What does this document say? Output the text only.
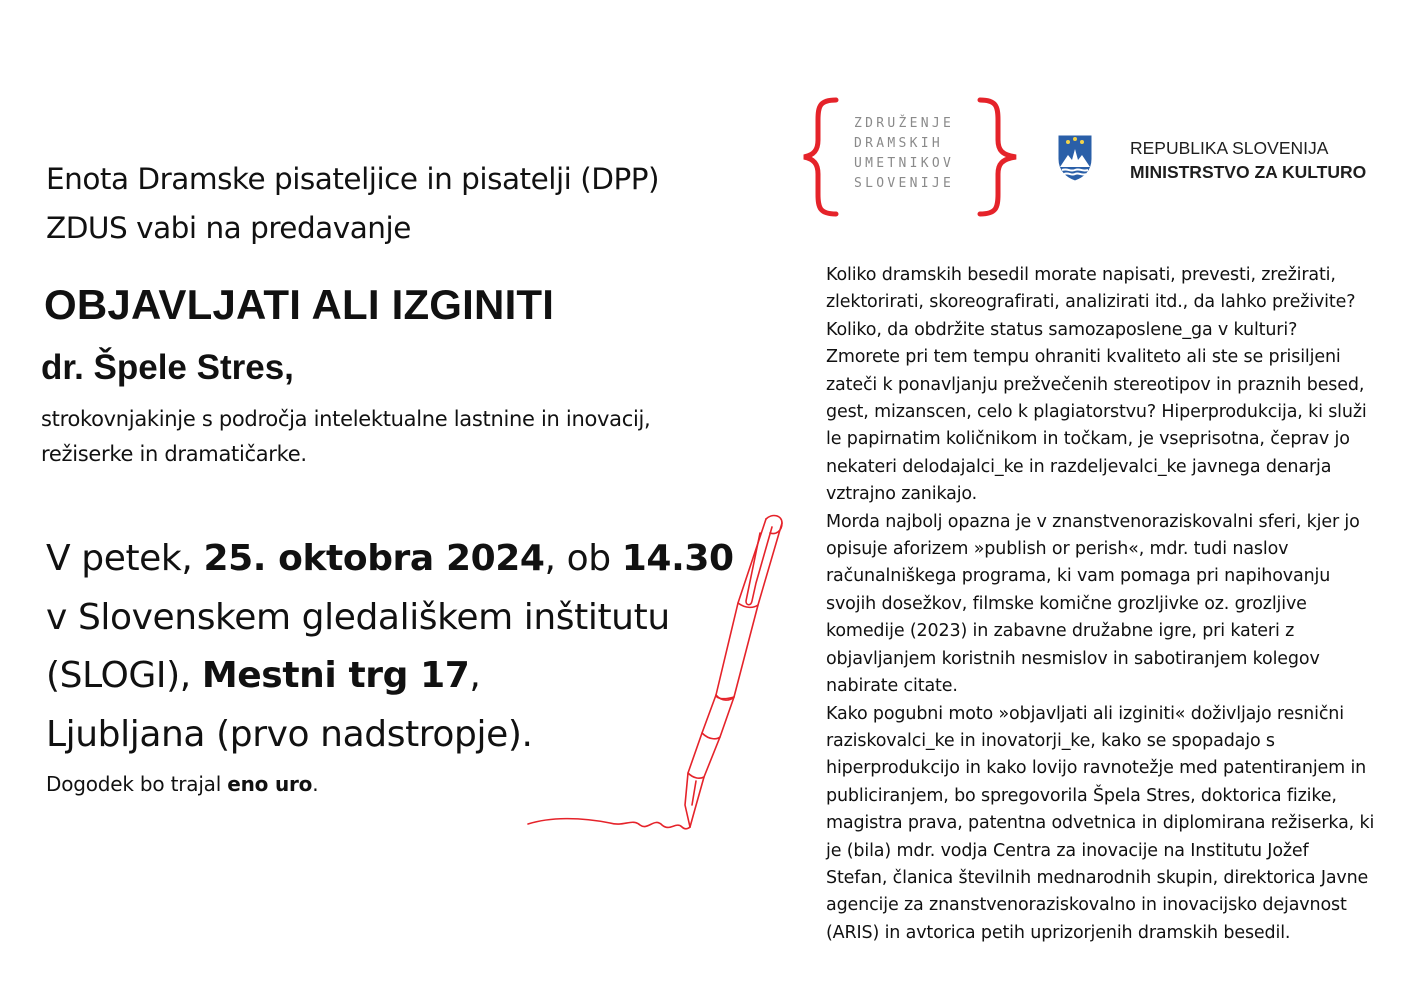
Enota Dramske pisateljice in pisatelji (DPP)
ZDUS vabi na predavanje
OBJAVLJATI ALI IZGINITI
dr. Špele Stres,
strokovnjakinje s področja intelektualne lastnine in inovacij,
režiserke in dramatičarke.
V petek, 25. oktobra 2024, ob 14.30
v Slovenskem gledališkem inštitutu
(SLOGI), Mestni trg 17,
Ljubljana (prvo nadstropje).
Dogodek bo trajal eno uro.
ZDRUŽENJE
DRAMSKIH
UMETNIKOV
SLOVENIJE
REPUBLIKA SLOVENIJA
MINISTRSTVO ZA KULTURO

Koliko dramskih besedil morate napisati, prevesti, zrežirati,

zlektorirati, skoreografirati, analizirati itd., da lahko preživite?

Koliko, da obdržite status samozaposlene_ga v kulturi?

Zmorete pri tem tempu ohraniti kvaliteto ali ste se prisiljeni

zateči k ponavljanju prežvečenih stereotipov in praznih besed,

gest, mizanscen, celo k plagiatorstvu? Hiperprodukcija, ki služi

le papirnatim količnikom in točkam, je vseprisotna, čeprav jo

nekateri delodajalci_ke in razdeljevalci_ke javnega denarja

vztrajno zanikajo.

Morda najbolj opazna je v znanstvenoraziskovalni sferi, kjer jo

opisuje aforizem »publish or perish«, mdr. tudi naslov

računalniškega programa, ki vam pomaga pri napihovanju

svojih dosežkov, filmske komične grozljivke oz. grozljive

komedije (2023) in zabavne družabne igre, pri kateri z

objavljanjem koristnih nesmislov in sabotiranjem kolegov

nabirate citate.

Kako pogubni moto »objavljati ali izginiti« doživljajo resnični

raziskovalci_ke in inovatorji_ke, kako se spopadajo s

hiperprodukcijo in kako lovijo ravnotežje med patentiranjem in

publiciranjem, bo spregovorila Špela Stres, doktorica fizike,

magistra prava, patentna odvetnica in diplomirana režiserka, ki

je (bila) mdr. vodja Centra za inovacije na Institutu Jožef

Stefan, članica številnih mednarodnih skupin, direktorica Javne

agencije za znanstvenoraziskovalno in inovacijsko dejavnost

(ARIS) in avtorica petih uprizorjenih dramskih besedil.
